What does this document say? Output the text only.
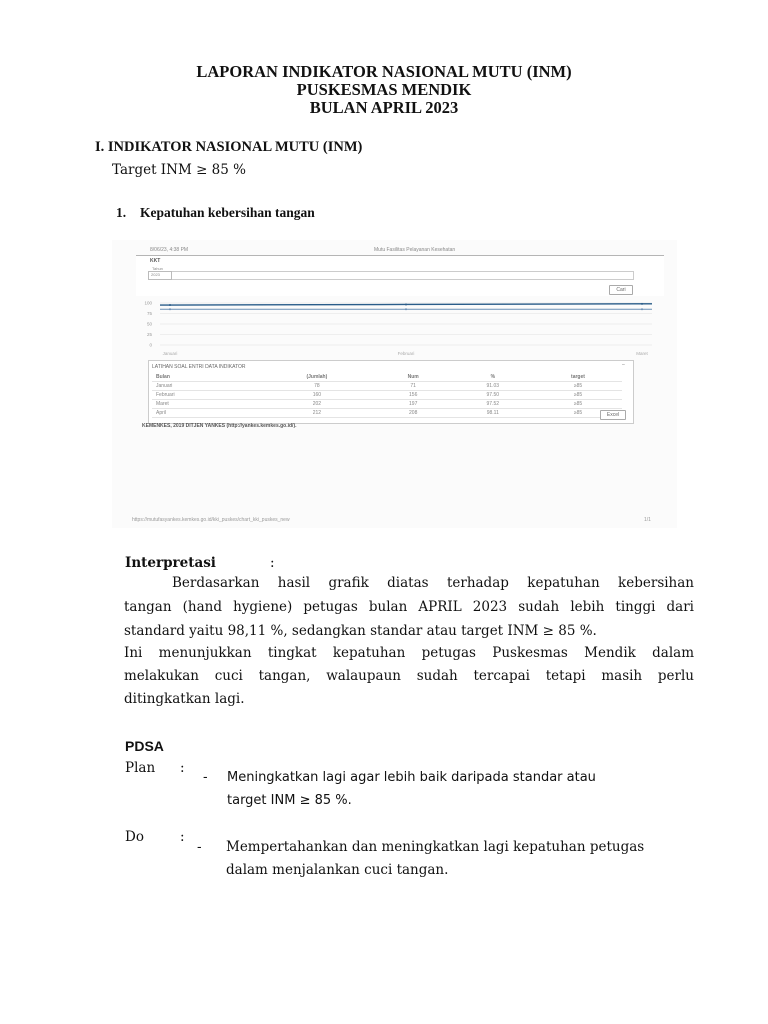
LAPORAN INDIKATOR NASIONAL MUTU (INM)
PUSKESMAS MENDIK
BULAN APRIL 2023
I. INDIKATOR NASIONAL MUTU (INM)
Target INM ≥ 85 %
1. Kepatuhan kebersihan tangan
8/06/23, 4:38 PM	Mutu Fasilitas Pelayanan Kesehatan
KKT
Tahun
2023
Cari
100
75
50
25
0
Januari	Februari	Maret
LATIHAN SOAL ENTRI DATA INDIKATOR	–
Bulan	(Jumlah)	Num	%	target
Januari	78	71	91.03	≥85
Februari	160	156	97.50	≥85
Maret	202	197	97.52	≥85
April	212	208	98.11	≥85	Excel
KEMENKES, 2019 DITJEN YANKES (http://yankes.kemkes.go.id/).
https://mutufasyankes.kemkes.go.id/kki_puskes/chart_kki_puskes_new	1/1
Interpretasi	:
Berdasarkan hasil grafik diatas terhadap kepatuhan kebersihan
tangan (hand hygiene) petugas bulan APRIL 2023 sudah lebih tinggi dari
standard yaitu 98,11 %, sedangkan standar atau target INM ≥ 85 %.
Ini menunjukkan tingkat kepatuhan petugas Puskesmas Mendik dalam
melakukan cuci tangan, walaupaun sudah tercapai tetapi masih perlu
ditingkatkan lagi.
PDSA
Plan :
- Meningkatkan lagi agar lebih baik daripada standar atau
target INM ≥ 85 %.
Do	:
- Mempertahankan dan meningkatkan lagi kepatuhan petugas
dalam menjalankan cuci tangan.
